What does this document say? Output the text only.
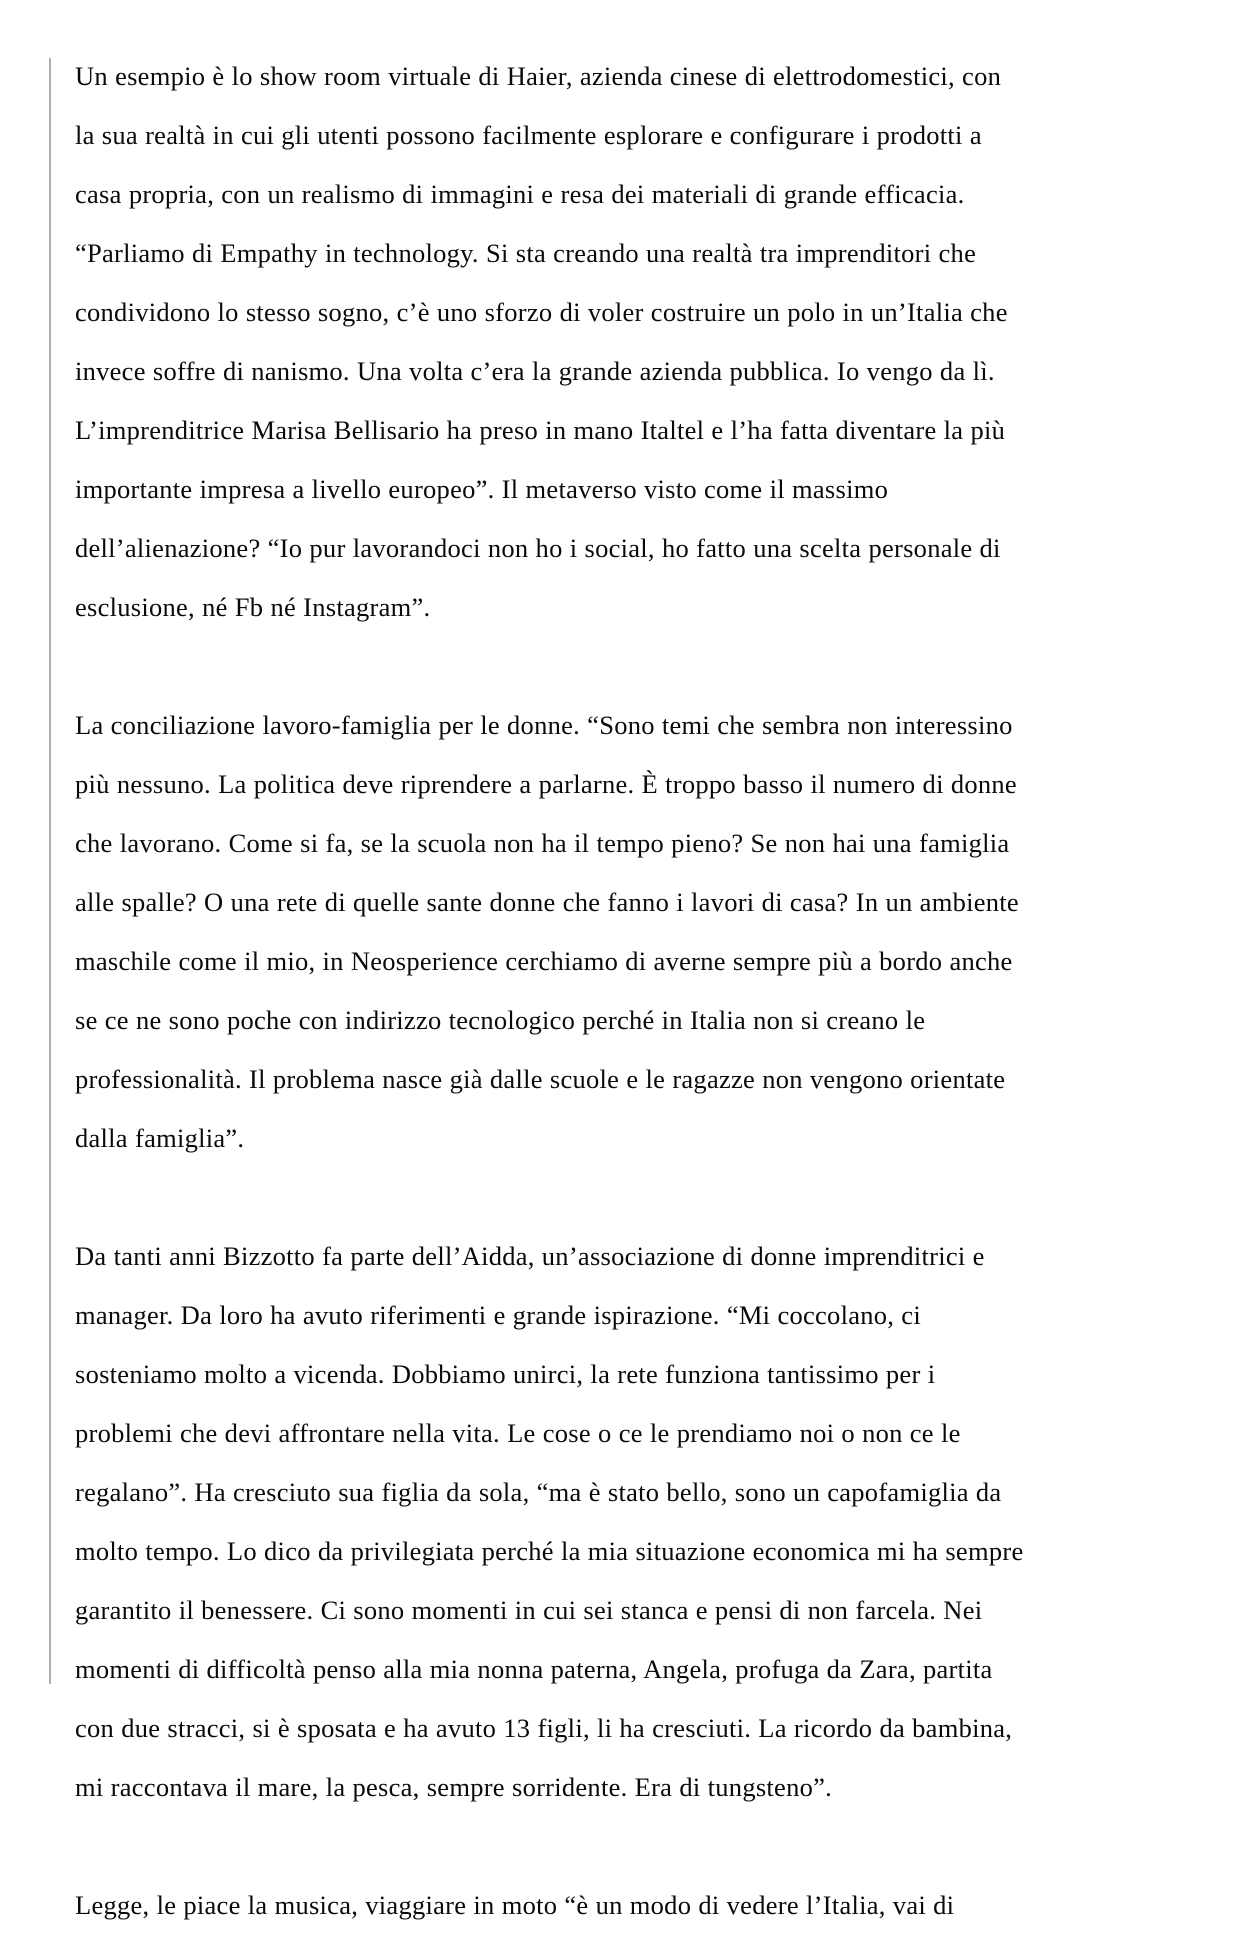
Un esempio è lo show room virtuale di Haier, azienda cinese di elettrodomestici, con la sua realtà in cui gli utenti possono facilmente esplorare e configurare i prodotti a casa propria, con un realismo di immagini e resa dei materiali di grande efficacia. “Parliamo di Empathy in technology. Si sta creando una realtà tra imprenditori che condividono lo stesso sogno, c’è uno sforzo di voler costruire un polo in un’Italia che invece soffre di nanismo. Una volta c’era la grande azienda pubblica. Io vengo da lì. L’imprenditrice Marisa Bellisario ha preso in mano Italtel e l’ha fatta diventare la più importante impresa a livello europeo”. Il metaverso visto come il massimo dell’alienazione? “Io pur lavorandoci non ho i social, ho fatto una scelta personale di esclusione, né Fb né Instagram”.

La conciliazione lavoro-famiglia per le donne. “Sono temi che sembra non interessino più nessuno. La politica deve riprendere a parlarne. È troppo basso il numero di donne che lavorano. Come si fa, se la scuola non ha il tempo pieno? Se non hai una famiglia alle spalle? O una rete di quelle sante donne che fanno i lavori di casa? In un ambiente maschile come il mio, in Neosperience cerchiamo di averne sempre più a bordo anche se ce ne sono poche con indirizzo tecnologico perché in Italia non si creano le professionalità. Il problema nasce già dalle scuole e le ragazze non vengono orientate dalla famiglia”.

Da tanti anni Bizzotto fa parte dell’Aidda, un’associazione di donne imprenditrici e manager. Da loro ha avuto riferimenti e grande ispirazione. “Mi coccolano, ci sosteniamo molto a vicenda. Dobbiamo unirci, la rete funziona tantissimo per i problemi che devi affrontare nella vita. Le cose o ce le prendiamo noi o non ce le regalano”. Ha cresciuto sua figlia da sola, “ma è stato bello, sono un capofamiglia da molto tempo. Lo dico da privilegiata perché la mia situazione economica mi ha sempre garantito il benessere. Ci sono momenti in cui sei stanca e pensi di non farcela. Nei momenti di difficoltà penso alla mia nonna paterna, Angela, profuga da Zara, partita con due stracci, si è sposata e ha avuto 13 figli, li ha cresciuti. La ricordo da bambina, mi raccontava il mare, la pesca, sempre sorridente. Era di tungsteno”.

Legge, le piace la musica, viaggiare in moto “è un modo di vedere l’Italia, vai di
